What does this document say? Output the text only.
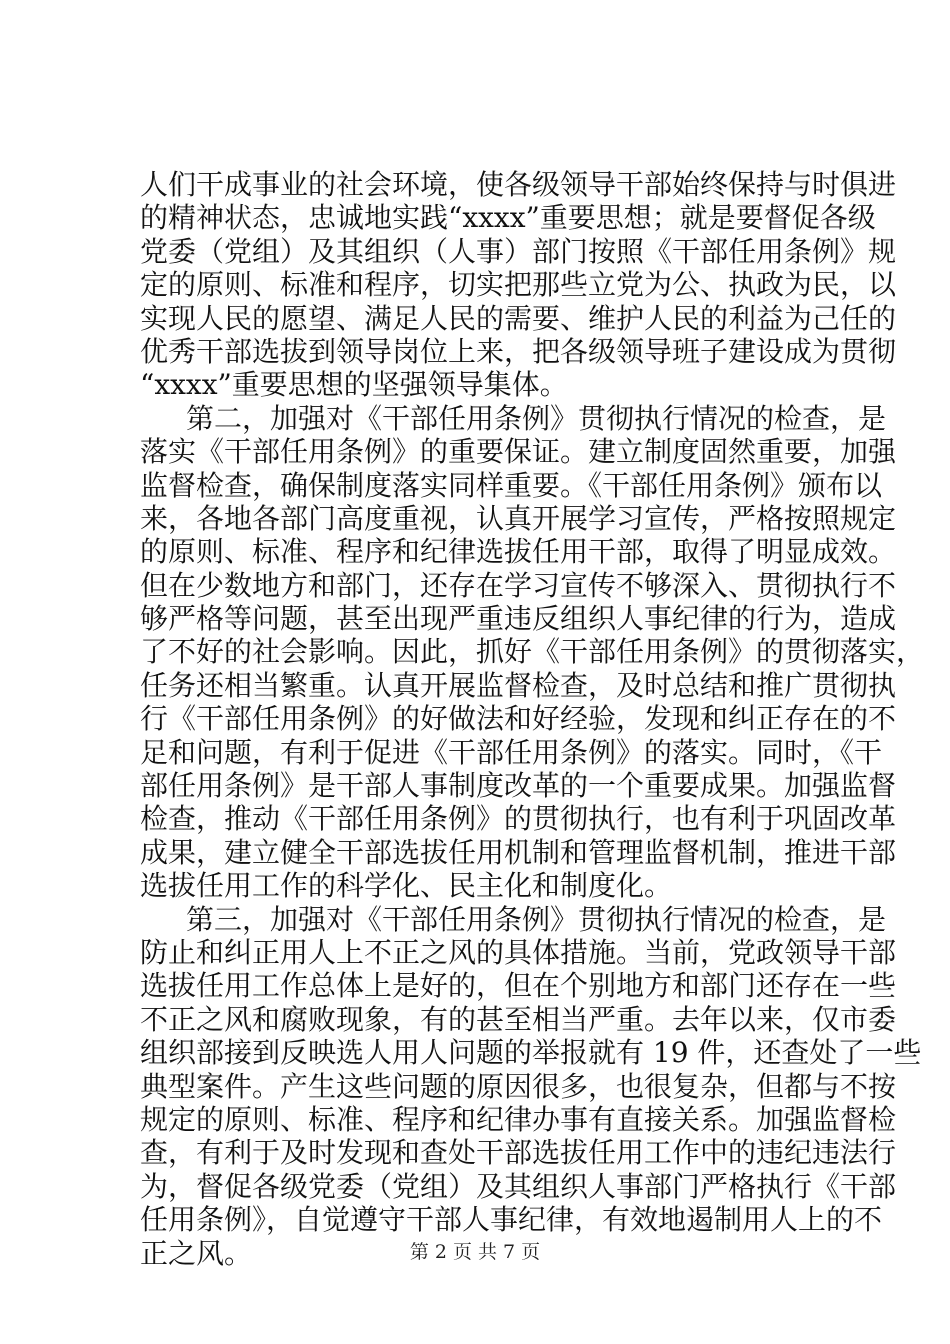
人们干成事业的社会环境，使各级领导干部始终保持与时俱进
的精神状态，忠诚地实践“xxxx”重要思想；就是要督促各级
党委（党组）及其组织（人事）部门按照《干部任用条例》规
定的原则、标准和程序，切实把那些立党为公、执政为民，以
实现人民的愿望、满足人民的需要、维护人民的利益为己任的
优秀干部选拔到领导岗位上来，把各级领导班子建设成为贯彻
“xxxx”重要思想的坚强领导集体。
第二，加强对《干部任用条例》贯彻执行情况的检查，是
落实《干部任用条例》的重要保证。建立制度固然重要，加强
监督检查，确保制度落实同样重要。《干部任用条例》颁布以
来，各地各部门高度重视，认真开展学习宣传，严格按照规定
的原则、标准、程序和纪律选拔任用干部，取得了明显成效。
但在少数地方和部门，还存在学习宣传不够深入、贯彻执行不
够严格等问题，甚至出现严重违反组织人事纪律的行为，造成
了不好的社会影响。因此，抓好《干部任用条例》的贯彻落实，
任务还相当繁重。认真开展监督检查，及时总结和推广贯彻执
行《干部任用条例》的好做法和好经验，发现和纠正存在的不
足和问题，有利于促进《干部任用条例》的落实。同时，《干
部任用条例》是干部人事制度改革的一个重要成果。加强监督
检查，推动《干部任用条例》的贯彻执行，也有利于巩固改革
成果，建立健全干部选拔任用机制和管理监督机制，推进干部
选拔任用工作的科学化、民主化和制度化。
第三，加强对《干部任用条例》贯彻执行情况的检查，是
防止和纠正用人上不正之风的具体措施。当前，党政领导干部
选拔任用工作总体上是好的，但在个别地方和部门还存在一些
不正之风和腐败现象，有的甚至相当严重。去年以来，仅市委
组织部接到反映选人用人问题的举报就有 19 件，还查处了一些
典型案件。产生这些问题的原因很多，也很复杂，但都与不按
规定的原则、标准、程序和纪律办事有直接关系。加强监督检
查，有利于及时发现和查处干部选拔任用工作中的违纪违法行
为，督促各级党委（党组）及其组织人事部门严格执行《干部
任用条例》，自觉遵守干部人事纪律，有效地遏制用人上的不
正之风。	第 2 页 共 7 页
